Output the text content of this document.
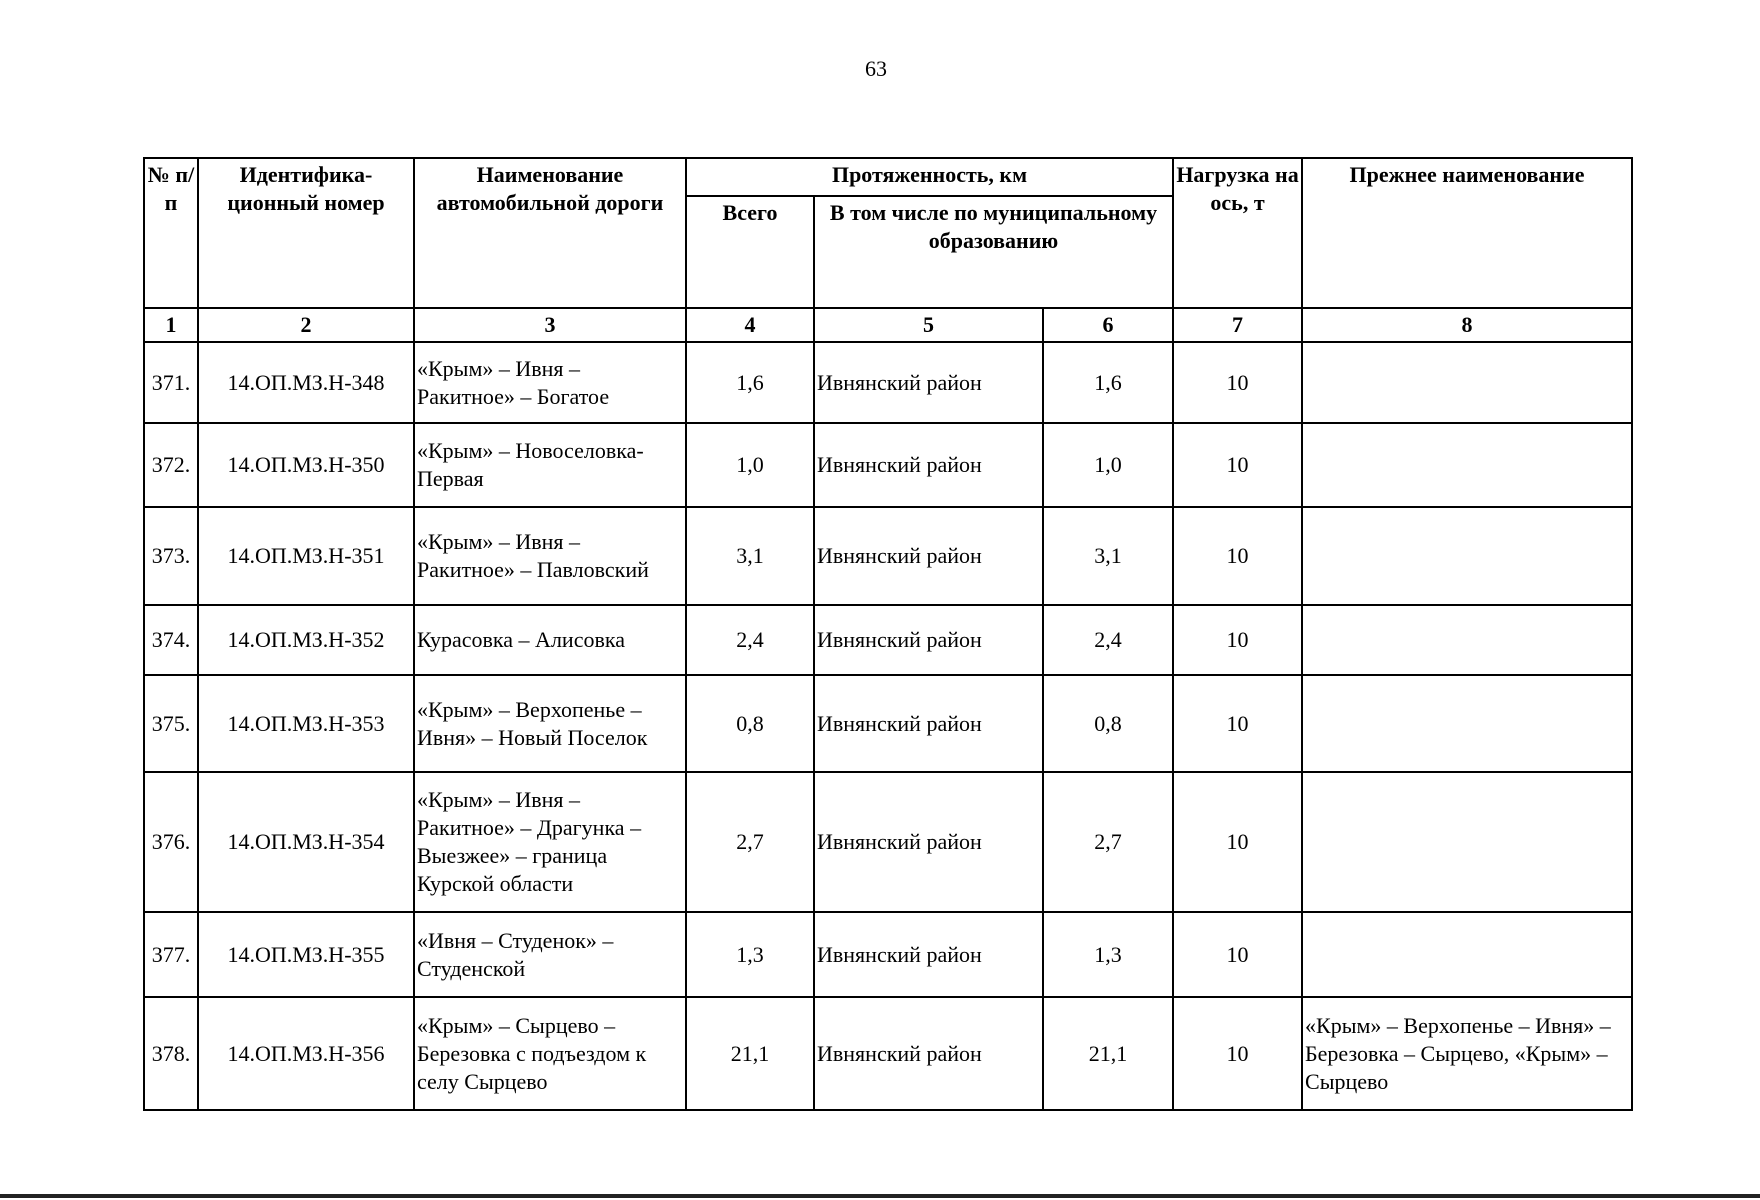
63
№ п/п	Идентифика-ционный номер	Наименование автомобильной дороги	Протяженность, км			Нагрузка на ось, т	Прежнее наименование
			Всего	В том числе по муниципальному образованию			
1	2	3	4	5	6	7	8
371.	14.ОП.МЗ.Н-348	«Крым» – Ивня – Ракитное» – Богатое	1,6	Ивнянский район	1,6	10	
372.	14.ОП.МЗ.Н-350	«Крым» – Новоселовка-Первая	1,0	Ивнянский район	1,0	10	
373.	14.ОП.МЗ.Н-351	«Крым» – Ивня – Ракитное» – Павловский	3,1	Ивнянский район	3,1	10	
374.	14.ОП.МЗ.Н-352	Курасовка – Алисовка	2,4	Ивнянский район	2,4	10	
375.	14.ОП.МЗ.Н-353	«Крым» – Верхопенье – Ивня» – Новый Поселок	0,8	Ивнянский район	0,8	10	
376.	14.ОП.МЗ.Н-354	«Крым» – Ивня – Ракитное» – Драгунка – Выезжее» – граница Курской области	2,7	Ивнянский район	2,7	10	
377.	14.ОП.МЗ.Н-355	«Ивня – Студенок» – Студенской	1,3	Ивнянский район	1,3	10	
378.	14.ОП.МЗ.Н-356	«Крым» – Сырцево – Березовка с подъездом к селу Сырцево	21,1	Ивнянский район	21,1	10	«Крым» – Верхопенье – Ивня» – Березовка – Сырцево, «Крым» – Сырцево
